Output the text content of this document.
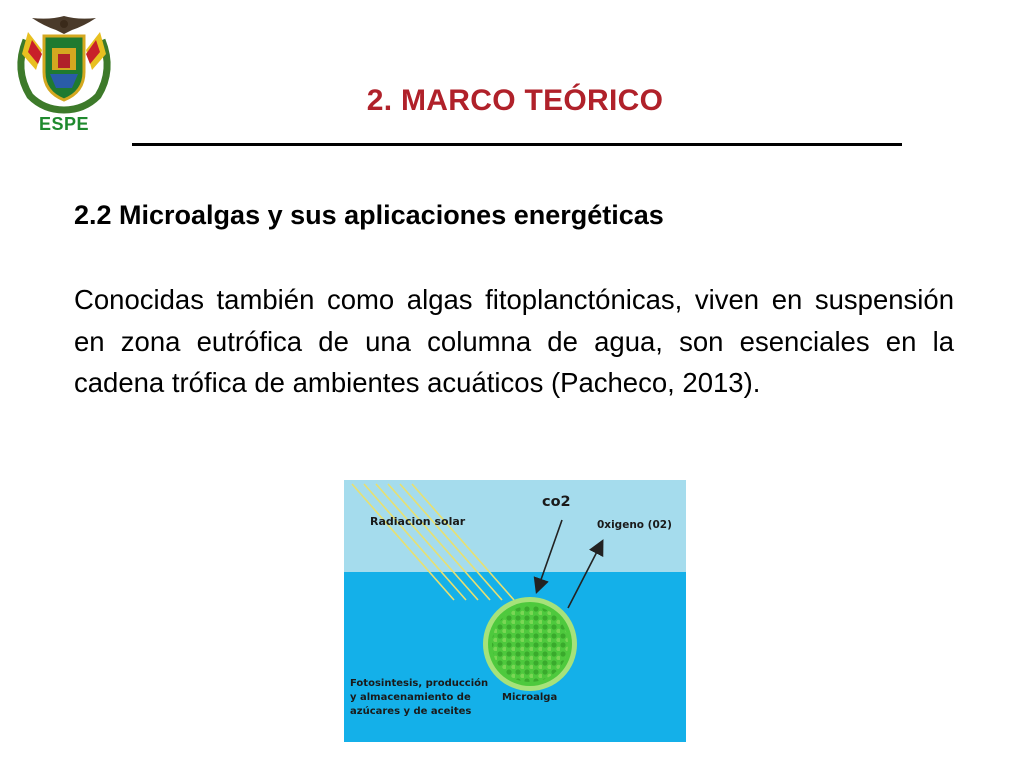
ESPE
2. MARCO TEÓRICO
2.2 Microalgas y sus aplicaciones energéticas

Conocidas también como algas fitoplanctónicas, viven en suspensión en zona eutrófica de una columna de agua, son esenciales en la cadena trófica de ambientes acuáticos (Pacheco, 2013).

Radiacion solar
co2
0xigeno (02)
Fotosintesis, producción
y almacenamiento de
azúcares y de aceites
Microalga
